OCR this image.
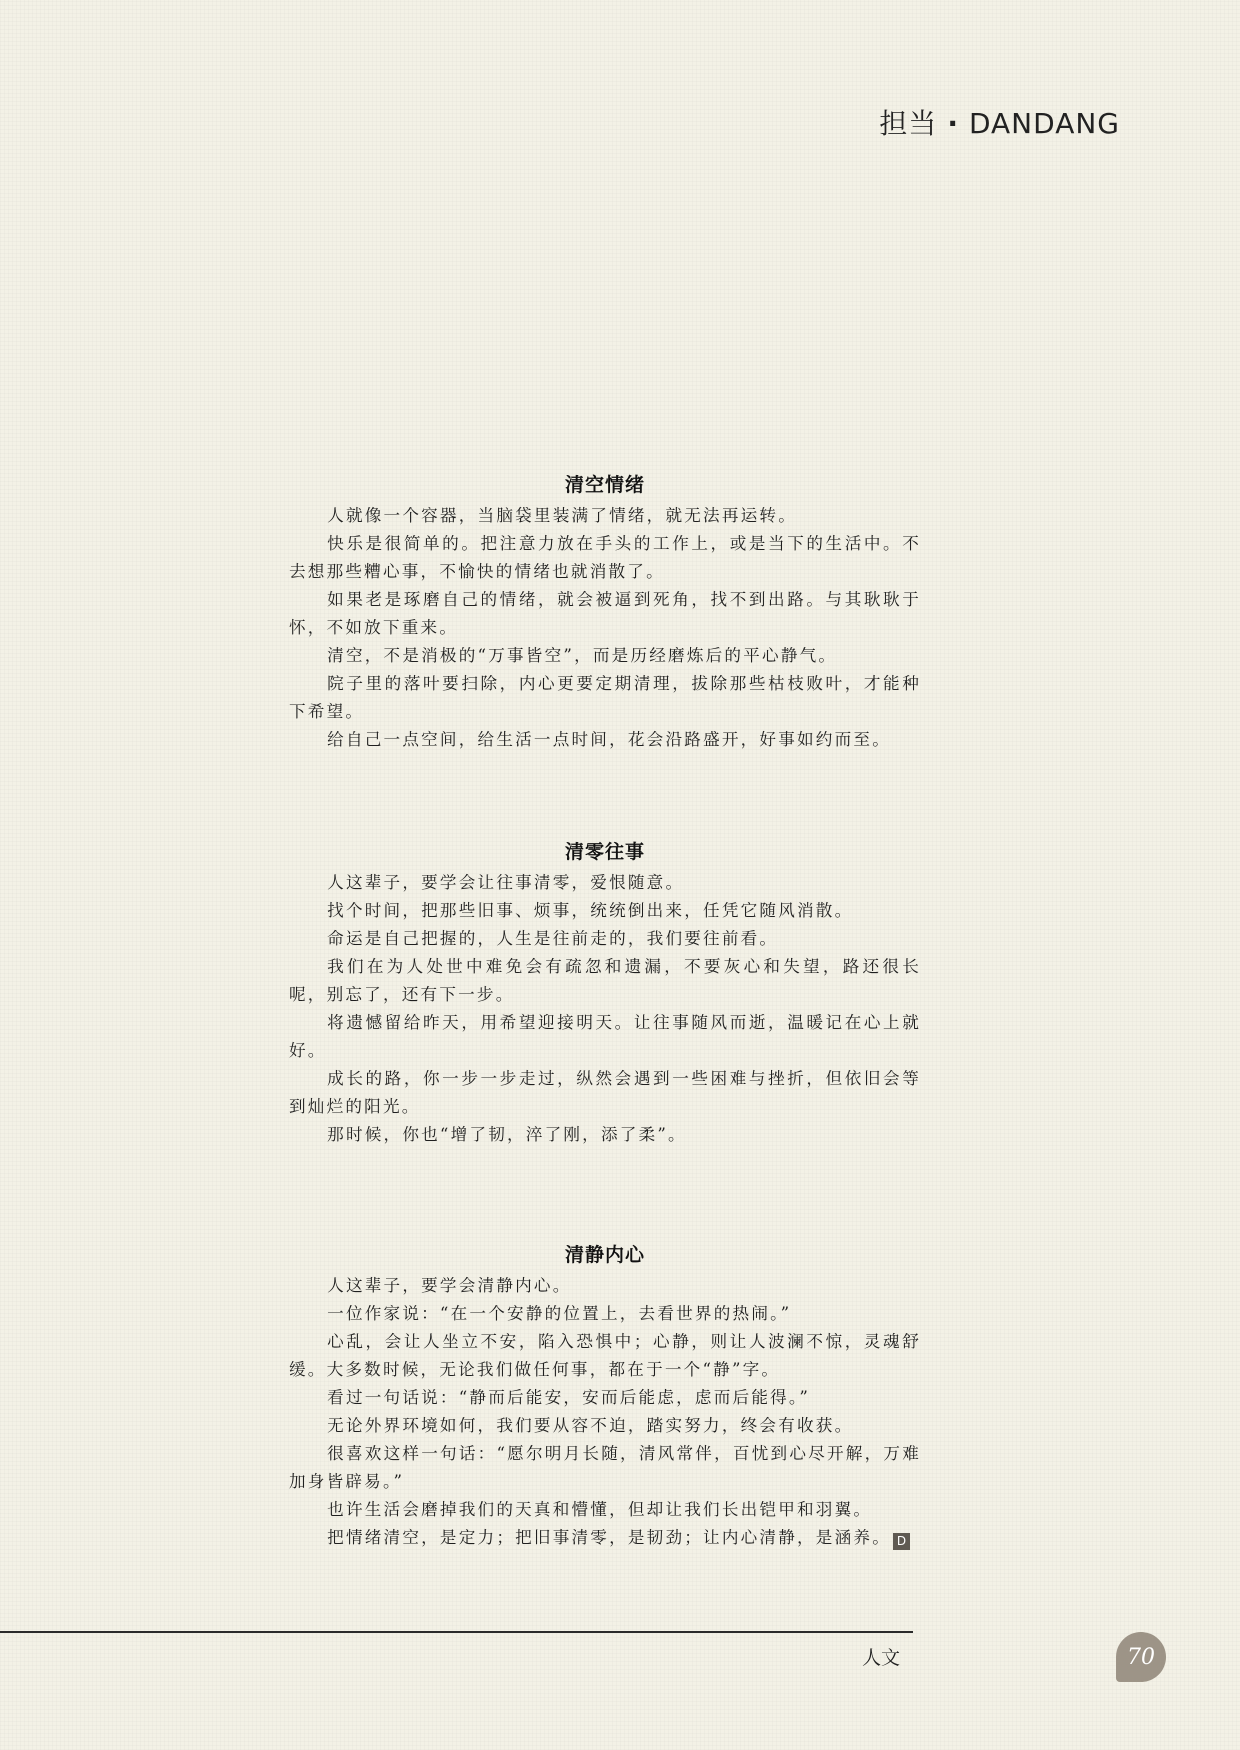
担当 · DANDANG
清空情绪

人就像一个容器，当脑袋里装满了情绪，就无法再运转。

快乐是很简单的。把注意力放在手头的工作上，或是当下的生活中。不去想那些糟心事，不愉快的情绪也就消散了。

如果老是琢磨自己的情绪，就会被逼到死角，找不到出路。与其耿耿于怀，不如放下重来。

清空，不是消极的“万事皆空”，而是历经磨炼后的平心静气。

院子里的落叶要扫除，内心更要定期清理，拔除那些枯枝败叶，才能种下希望。

给自己一点空间，给生活一点时间，花会沿路盛开，好事如约而至。

清零往事

人这辈子，要学会让往事清零，爱恨随意。

找个时间，把那些旧事、烦事，统统倒出来，任凭它随风消散。

命运是自己把握的，人生是往前走的，我们要往前看。

我们在为人处世中难免会有疏忽和遗漏，不要灰心和失望，路还很长呢，别忘了，还有下一步。

将遗憾留给昨天，用希望迎接明天。让往事随风而逝，温暖记在心上就好。

成长的路，你一步一步走过，纵然会遇到一些困难与挫折，但依旧会等到灿烂的阳光。

那时候，你也“增了韧，淬了刚，添了柔”。

清静内心

人这辈子，要学会清静内心。

一位作家说：“在一个安静的位置上，去看世界的热闹。”

心乱，会让人坐立不安，陷入恐惧中；心静，则让人波澜不惊，灵魂舒缓。大多数时候，无论我们做任何事，都在于一个“静”字。

看过一句话说：“静而后能安，安而后能虑，虑而后能得。”

无论外界环境如何，我们要从容不迫，踏实努力，终会有收获。

很喜欢这样一句话：“愿尔明月长随，清风常伴，百忧到心尽开解，万难加身皆辟易。”

也许生活会磨掉我们的天真和懵懂，但却让我们长出铠甲和羽翼。

把情绪清空，是定力；把旧事清零，是韧劲；让内心清静，是涵养。 D

人文	70
